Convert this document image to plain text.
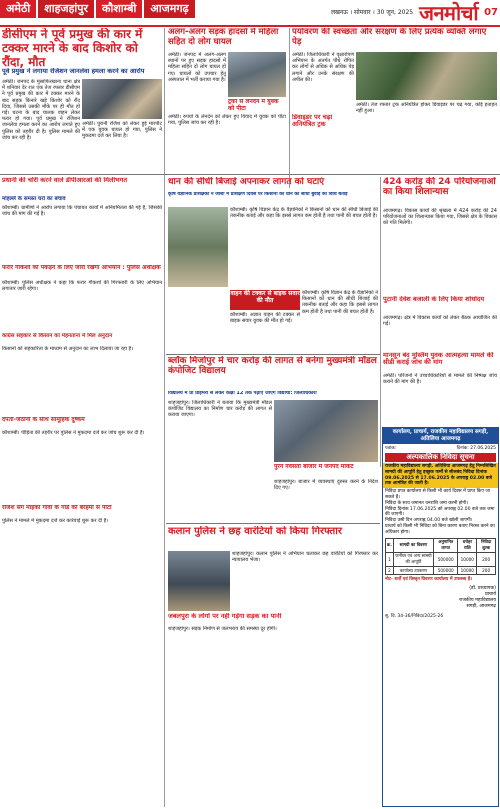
अमेठी	शाहजहांपुर	कौशाम्बी	आजमगढ़	लखनऊ । सोमवार । 30 जून, 2025 जनमोर्चा 07
डीसीएम ने पूर्व प्रमुख की कार में टक्कर मारने के बाद किशोर को रौंदा, मौत
पूर्व प्रमुख ने लगाया रंजिशन जानलेवा हमला करने का आरोप
अमेठी। जनपद के मुसाफिरखाना थाना क्षेत्र में शनिवार देर रात एक तेज रफ्तार डीसीएम ने पूर्व प्रमुख की कार में टक्कर मारने के बाद सड़क किनारे खड़े किशोर को रौंद दिया, जिससे उसकी मौके पर ही मौत हो गई। घटना के बाद चालक वाहन लेकर फरार हो गया। पूर्व प्रमुख ने रंजिशन जानलेवा हमला करने का आरोप लगाते हुए पुलिस को तहरीर दी है। पुलिस मामले की जांच कर रही है।
अमेठी। पुरानी रंजिश को लेकर हुई मारपीट में एक युवक घायल हो गया, पुलिस ने मुकदमा दर्ज कर लिया है।
अलग-अलग सड़क हादसों में महिला सहित दो लोग घायल
अमेठी। जनपद में अलग-अलग स्थानों पर हुए सड़क हादसों में महिला सहित दो लोग घायल हो गए। घायलों को उपचार हेतु अस्पताल में भर्ती कराया गया है।
ट्रकों से लेनदेन में युवक को पीटा
अमेठी। रुपयों के लेनदेन को लेकर हुए विवाद में युवक को पीटा गया, पुलिस जांच कर रही है।
पर्यावरण की स्वच्छता और संरक्षण के लिए प्रत्येक व्यक्ति लगाए पेड़
अमेठी। जिलाधिकारी ने वृक्षारोपण अभियान के अंतर्गत पौधे रोपित कर लोगों से अधिक से अधिक पेड़ लगाने और उनके संरक्षण की अपील की।
डिवाइडर पर चढ़ा अनियंत्रित ट्रक
अमेठी। तेज रफ्तार ट्रक अनियंत्रित होकर डिवाइडर पर चढ़ गया, कोई हताहत नहीं हुआ।
प्रधानी की चोरी करने वाले डीपीआरओ की मिलीभगत
मोहल्ले के समस्त घरों का बचाव
कौशाम्बी। ग्रामीणों ने आरोप लगाया कि पंचायत कार्यों में अनियमितता की गई है, जिसकी जांच की मांग की गई है।
फरार गौकशों को पकड़ने के लिए जारी रखेगा अभियान : पुलिस अधीक्षक
कौशाम्बी। पुलिस अधीक्षक ने कहा कि फरार गौकशों की गिरफ्तारी के लिए अभियान लगातार जारी रहेगा।
कांग्रेस सहकार से किसान का मेहनताना में मिल अनुदान
किसानों को सहकारिता के माध्यम से अनुदान का लाभ दिलाया जा रहा है।
दंपती-जेठानी के साथ सामूहिक दुष्कर्म
कौशाम्बी। पीड़िता की तहरीर पर पुलिस ने मुकदमा दर्ज कर जांच शुरू कर दी है।
रंजिश संग माइकों गांवों के गार्ड को बेरहमी से पीटा
पुलिस ने मामले में मुकदमा दर्ज कर कार्रवाई शुरू कर दी है।
धान की सीधी बिजाई अपनाकर लागत को घटाएं
कृषि वैज्ञानिक प्रशिक्षकों ने जोशी में प्रशिक्षण दिवस पर किसानों को धान की सीधी बुवाई की विधि बताई
कौशाम्बी। कृषि विज्ञान केंद्र के वैज्ञानिकों ने किसानों को धान की सीधी बिजाई की तकनीक बताई और कहा कि इससे लागत कम होती है तथा पानी की बचत होती है।
वाहन की टक्कर से बाइक सवार की मौत
कौशाम्बी। अज्ञात वाहन की टक्कर से बाइक सवार युवक की मौत हो गई।
कौशाम्बी। कृषि विज्ञान केंद्र के वैज्ञानिकों ने किसानों को धान की सीधी बिजाई की तकनीक बताई और कहा कि इससे लागत कम होती है तथा पानी की बचत होती है।
424 करोड़ की 24 परियोजनाओं का किया शिलान्यास
आजमगढ़। विकास कार्यों की श्रृंखला में 424 करोड़ की 24 परियोजनाओं का शिलान्यास किया गया, जिससे क्षेत्र के विकास को गति मिलेगी।
पुटानी देवेश बजाली के लिए किया शोधोदय
आजमगढ़। क्षेत्र में विकास कार्यों को लेकर बैठक आयोजित की गई।
ब्लॉक मिर्जापुर में चार करोड़ की लागत से बनेगा मुख्यमंत्री मॉडल कंपोजिट विद्यालय
विद्यालय में प्री प्राइमरी से लेकर कक्षा 12 तक पढ़ाए जाएंगे विद्यार्थी: जिलाधिकारी
शाहजहांपुर। जिलाधिकारी ने बताया कि मुख्यमंत्री मॉडल कंपोजिट विद्यालय का निर्माण चार करोड़ की लागत से कराया जाएगा।
पुरने नवसता बाजार में जनपद मार्केट
शाहजहांपुर। बाजार में व्यवस्थाएं दुरुस्त करने के निर्देश दिए गए।
कलान पुलिस ने छह वारंटियों को किया गिरफ्तार
शाहजहांपुर। कलान पुलिस ने अभियान चलाकर छह वारंटियों को गिरफ्तार कर न्यायालय भेजा।
जबलपुरा के लोगों पर नहीं गड़ेगा सड़क का पानी
शाहजहांपुर। सड़क निर्माण से जलभराव की समस्या दूर होगी।
मानसून बंद मुस्लिम युवक आत्महत्या मामले की सीडी कराई जांच की मांग
अमेठी। परिजनों ने उच्चाधिकारियों से मामले की निष्पक्ष जांच कराने की मांग की है।
कार्यालय, प्राचार्य, राजकीय महाविद्यालय सगड़ी, अतिलिया आजमगढ़
पत्रांक:	दिनांक: 27.06.2025
अल्पकालिक निविदा सूचना
राजकीय महाविद्यालय सगड़ी, अतिलिया आजमगढ़ हेतु निम्नलिखित सामग्री की आपूर्ति हेतु इच्छुक फर्मों से सीलबंद निविदा दिनांक 09.06.2025 से 17.06.2025 के अपराह्न 02.00 बजे तक आमंत्रित की जाती है।
निविदा प्रपत्र कार्यालय से किसी भी कार्य दिवस में प्राप्त किए जा सकते हैं।
निविदा के साथ जमानत धनराशि जमा करनी होगी।
निविदा दिनांक 17.06.2025 को अपराह्न 02.00 बजे तक जमा की जाएगी।
निविदा उसी दिन अपराह्न 04.00 बजे खोली जाएगी।
प्राचार्य को किसी भी निविदा को बिना कारण बताए निरस्त करने का अधिकार होगा।
क्र.	सामग्री का विवरण	अनुमानित लागत	धरोहर राशि	निविदा शुल्क
1	फर्नीचर एवं अन्य सामग्री की आपूर्ति	500000	10000	200
2	कार्यालय उपकरण	500000	10000	200
नोट- शर्तों एवं विस्तृत विवरण कार्यालय में उपलब्ध है।
(डॉ. प्राध्यापक)
प्राचार्य
राजकीय महाविद्यालय
सगड़ी, आजमगढ़
सू. वि. 34-36/निविदा/2025-26
